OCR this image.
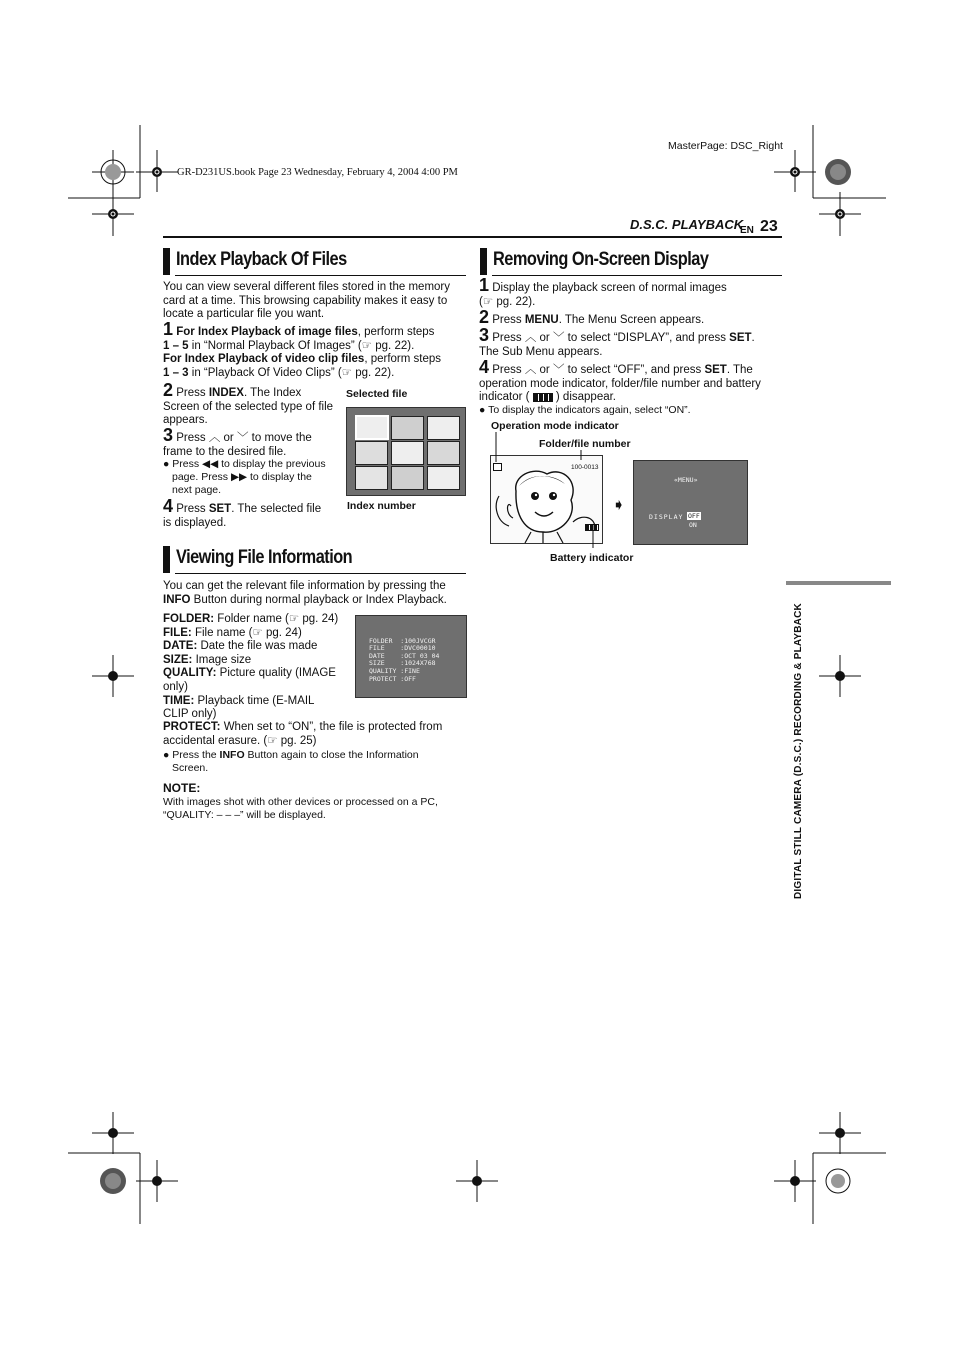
MasterPage: DSC_Right
GR-D231US.book Page 23 Wednesday, February 4, 2004 4:00 PM
D.S.C. PLAYBACK
EN 23
Index Playback Of Files
You can view several different files stored in the memory card at a time. This browsing capability makes it easy to locate a particular file you want.
1 For Index Playback of image files, perform steps
1 – 5 in “Normal Playback Of Images” (☞ pg. 22).
For Index Playback of video clip files, perform steps
1 – 3 in “Playback Of Video Clips” (☞ pg. 22).
2 Press INDEX. The Index
Screen of the selected type of file
appears.
3 Press ︿ or ﹀ to move the
frame to the desired file.
● Press ◀◀ to display the previous
page. Press ▶▶ to display the
next page.
4 Press SET. The selected file
is displayed.
Selected file
Index number
Viewing File Information
You can get the relevant file information by pressing the
INFO Button during normal playback or Index Playback.
FOLDER: Folder name (☞ pg. 24)
FILE: File name (☞ pg. 24)
DATE: Date the file was made
SIZE: Image size
QUALITY: Picture quality (IMAGE
only)
TIME: Playback time (E-MAIL
CLIP only)

FOLDER  :100JVCGR
FILE    :DVC00010
DATE    :OCT 03 04
SIZE    :1024X768
QUALITY :FINE
PROTECT :OFF
PROTECT: When set to “ON”, the file is protected from
accidental erasure. (☞ pg. 25)
● Press the INFO Button again to close the Information
Screen.
NOTE:
With images shot with other devices or processed on a PC,
“QUALITY: – – –” will be displayed.
Removing On-Screen Display
1 Display the playback screen of normal images
(☞ pg. 22).
2 Press MENU. The Menu Screen appears.
3 Press ︿ or ﹀ to select “DISPLAY”, and press SET.
The Sub Menu appears.
4 Press ︿ or ﹀ to select “OFF”, and press SET. The
operation mode indicator, folder/file number and battery
indicator ( ) disappear.
● To display the indicators again, select “ON”.
Operation mode indicator
Folder/file number
100-0013
➧
«MENU»
DISPLAY OFF
ON
Battery indicator
DIGITAL STILL CAMERA (D.S.C.) RECORDING & PLAYBACK
